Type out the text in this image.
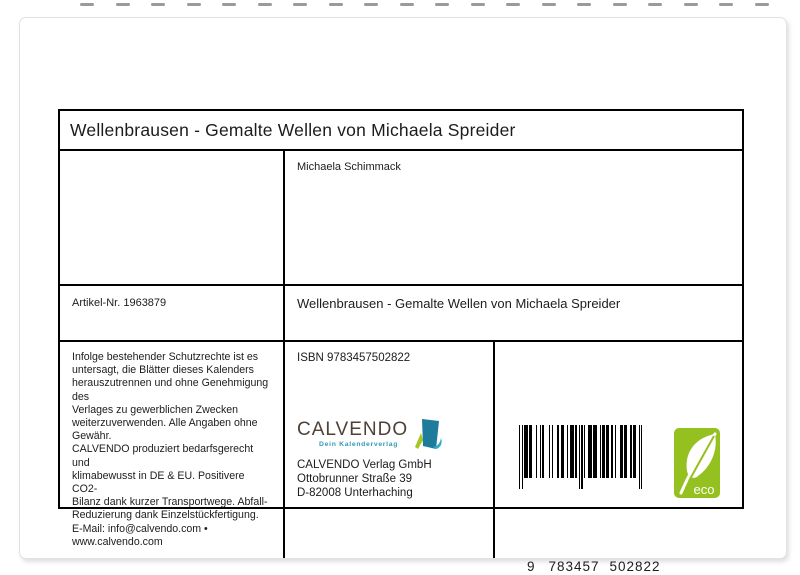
Wellenbrausen - Gemalte Wellen von Michaela Spreider
Michaela Schimmack
Artikel-Nr. 1963879	Wellenbrausen - Gemalte Wellen von Michaela Spreider
Infolge bestehender Schutzrechte ist es
untersagt, die Blätter dieses Kalenders
herauszutrennen und ohne Genehmigung des
Verlages zu gewerblichen Zwecken
weiterzuverwenden. Alle Angaben ohne
Gewähr.
CALVENDO produziert bedarfsgerecht und
klimabewusst in DE & EU. Positivere CO2-
Bilanz dank kurzer Transportwege. Abfall-
Reduzierung dank Einzelstückfertigung.
E-Mail: info@calvendo.com •
www.calvendo.com
ISBN 9783457502822
CALVENDO
Dein Kalenderverlag
CALVENDO Verlag GmbH
Ottobrunner Straße 39
D-82008 Unterhaching
9 783457 502822
eco
